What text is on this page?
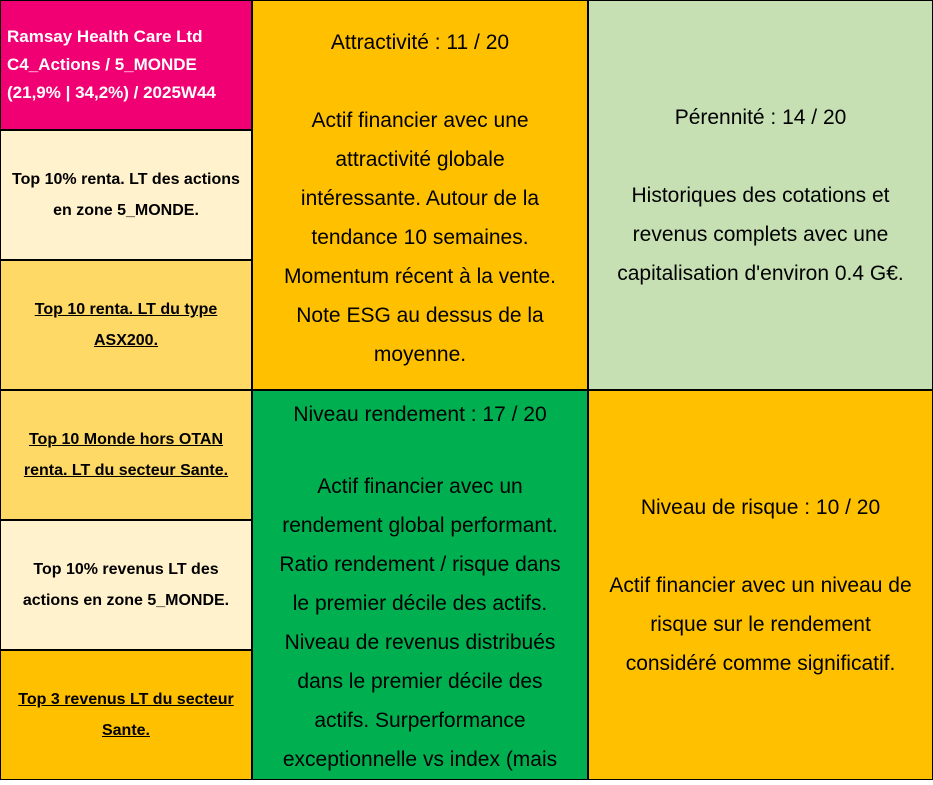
Ramsay Health Care Ltd
C4_Actions / 5_MONDE
(21,9% | 34,2%) / 2025W44
Top 10% renta. LT des actions en zone 5_MONDE.
Top 10 renta. LT du type ASX200.
Top 10 Monde hors OTAN renta. LT du secteur Sante.
Top 10% revenus LT des actions en zone 5_MONDE.
Top 3 revenus LT du secteur Sante.
Attractivité : 11 / 20
Actif financier avec une
attractivité globale
intéressante. Autour de la
tendance 10 semaines.
Momentum récent à la vente.
Note ESG au dessus de la
moyenne.
Pérennité : 14 / 20
Historiques des cotations et
revenus complets avec une
capitalisation d'environ 0.4 G€.
Niveau rendement : 17 / 20
Actif financier avec un
rendement global performant.
Ratio rendement / risque dans
le premier décile des actifs.
Niveau de revenus distribués
dans le premier décile des
actifs. Surperformance
exceptionnelle vs index (mais
Niveau de risque : 10 / 20
Actif financier avec un niveau de
risque sur le rendement
considéré comme significatif.
